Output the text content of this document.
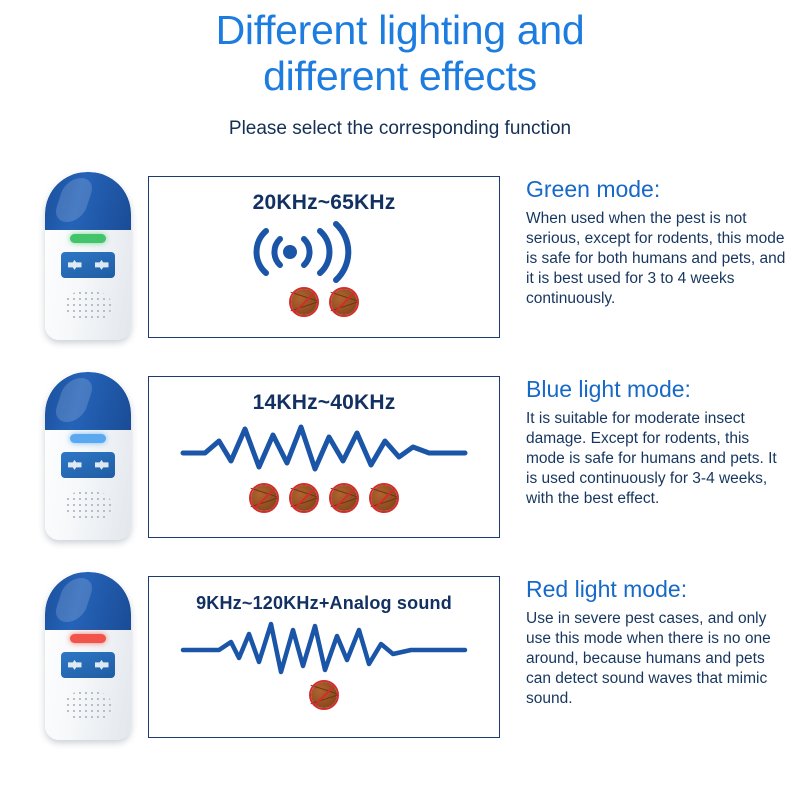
Different lighting and
different effects
Please select the corresponding function
20KHz~65KHz
Green mode:

When used when the pest is not serious, except for rodents, this mode is safe for both humans and pets, and it is best used for 3 to 4 weeks continuously.

14KHz~40KHz
Blue light mode:

It is suitable for moderate insect damage. Except for rodents, this mode is safe for humans and pets. It is used continuously for 3-4 weeks, with the best effect.

9KHz~120KHz+Analog sound
Red light mode:

Use in severe pest cases, and only use this mode when there is no one around, because humans and pets can detect sound waves that mimic sound.
